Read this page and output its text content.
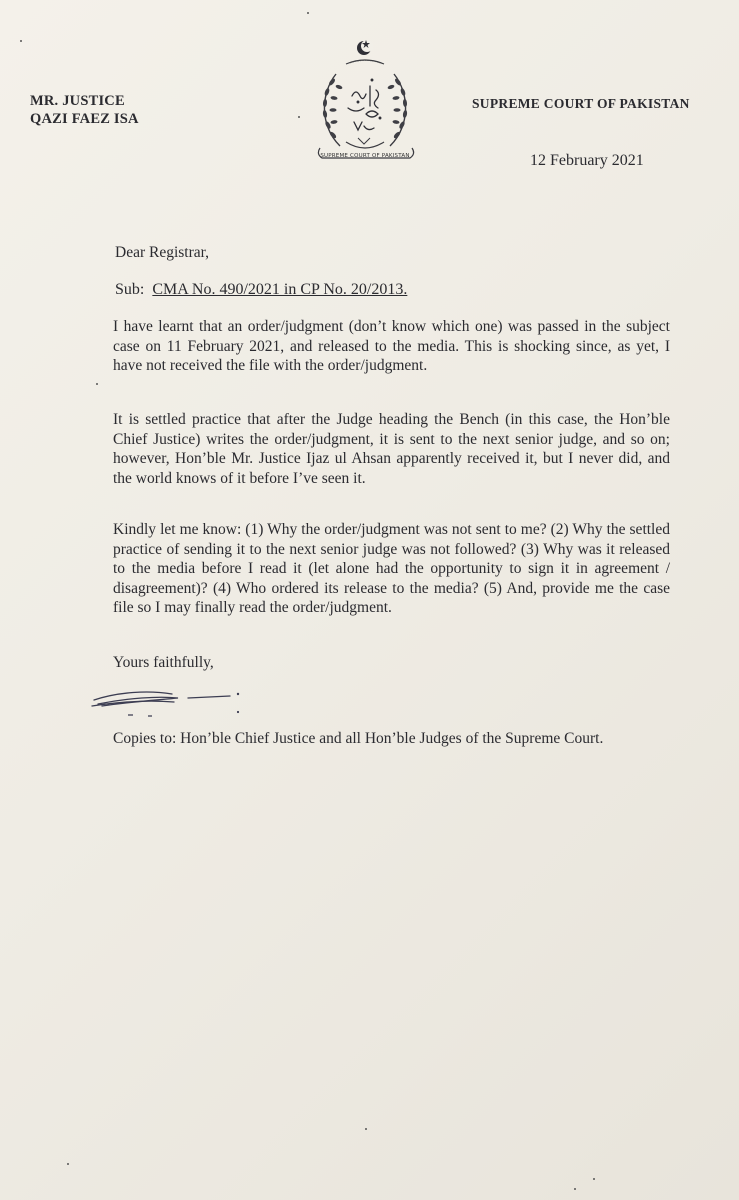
MR. JUSTICE
QAZI FAEZ ISA
SUPREME COURT OF PAKISTAN
SUPREME COURT OF PAKISTAN
12 February 2021
Dear Registrar,
Sub: CMA No. 490/2021 in CP No. 20/2013.
I have learnt that an order/judgment (don’t know which one) was passed in the subject case on 11 February 2021, and released to the media. This is shocking since, as yet, I have not received the file with the order/judgment.
It is settled practice that after the Judge heading the Bench (in this case, the Hon’ble Chief Justice) writes the order/judgment, it is sent to the next senior judge, and so on; however, Hon’ble Mr. Justice Ijaz ul Ahsan apparently received it, but I never did, and the world knows of it before I’ve seen it.
Kindly let me know: (1) Why the order/judgment was not sent to me? (2) Why the settled practice of sending it to the next senior judge was not followed? (3) Why was it released to the media before I read it (let alone had the opportunity to sign it in agreement / disagreement)? (4) Who ordered its release to the media? (5) And, provide me the case file so I may finally read the order/judgment.
Yours faithfully,
Copies to: Hon’ble Chief Justice and all Hon’ble Judges of the Supreme Court.
